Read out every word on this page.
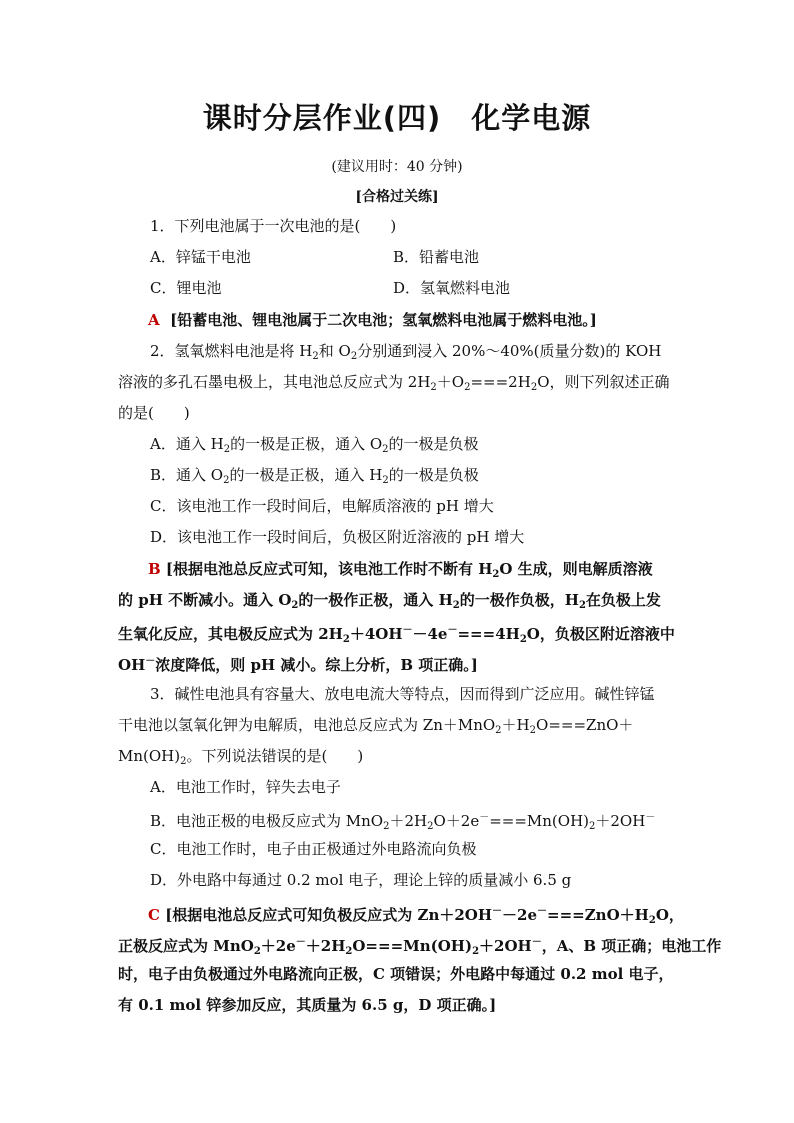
课时分层作业(四)　化学电源
(建议用时：40 分钟)
[合格过关练]
1．下列电池属于一次电池的是(　　)
A．锌锰干电池	B．铅蓄电池
C．锂电池	D．氢氧燃料电池
A [铅蓄电池、锂电池属于二次电池；氢氧燃料电池属于燃料电池。]
2．氢氧燃料电池是将 $H_2$和 $O_2$分别通到浸入 20%～40%(质量分数)的 KOH
溶液的多孔石墨电极上，其电池总反应式为 $2H_2+O_2===2H_2O$，则下列叙述正确
的是(　　)
A．通入 $H_2$的一极是正极，通入 $O_2$的一极是负极
B．通入 $O_2$的一极是正极，通入 $H_2$的一极是负极
C．该电池工作一段时间后，电解质溶液的 pH 增大
D．该电池工作一段时间后，负极区附近溶液的 pH 增大
B [根据电池总反应式可知，该电池工作时不断有 $H_2O$ 生成，则电解质溶液
的 pH 不断减小。通入 $O_2$的一极作正极，通入 $H_2$的一极作负极，$H_2$在负极上发
生氧化反应，其电极反应式为 $2H_2+4OH^--4e^-===4H_2O$，负极区附近溶液中
OH－浓度降低，则 pH 减小。综上分析，B 项正确。]
3．碱性电池具有容量大、放电电流大等特点，因而得到广泛应用。碱性锌锰
干电池以氢氧化钾为电解质，电池总反应式为 $Zn+MnO_2+H_2O===ZnO+$
$Mn(OH)_2$。下列说法错误的是(　　)
A．电池工作时，锌失去电子
B．电池正极的电极反应式为 $MnO_2+2H_2O+2e^-===Mn(OH)_2+2OH^-$
C．电池工作时，电子由正极通过外电路流向负极
D．外电路中每通过 0.2 mol 电子，理论上锌的质量减小 6.5 g
C [根据电池总反应式可知负极反应式为 $Zn+2OH^--2e^-===ZnO+H_2O$，
正极反应式为 $MnO_2+2e^-+2H_2O===Mn(OH)_2+2OH^-$，A、B 项正确；电池工作
时，电子由负极通过外电路流向正极，C 项错误；外电路中每通过 0.2 mol 电子，
有 0.1 mol 锌参加反应，其质量为 6.5 g，D 项正确。]
